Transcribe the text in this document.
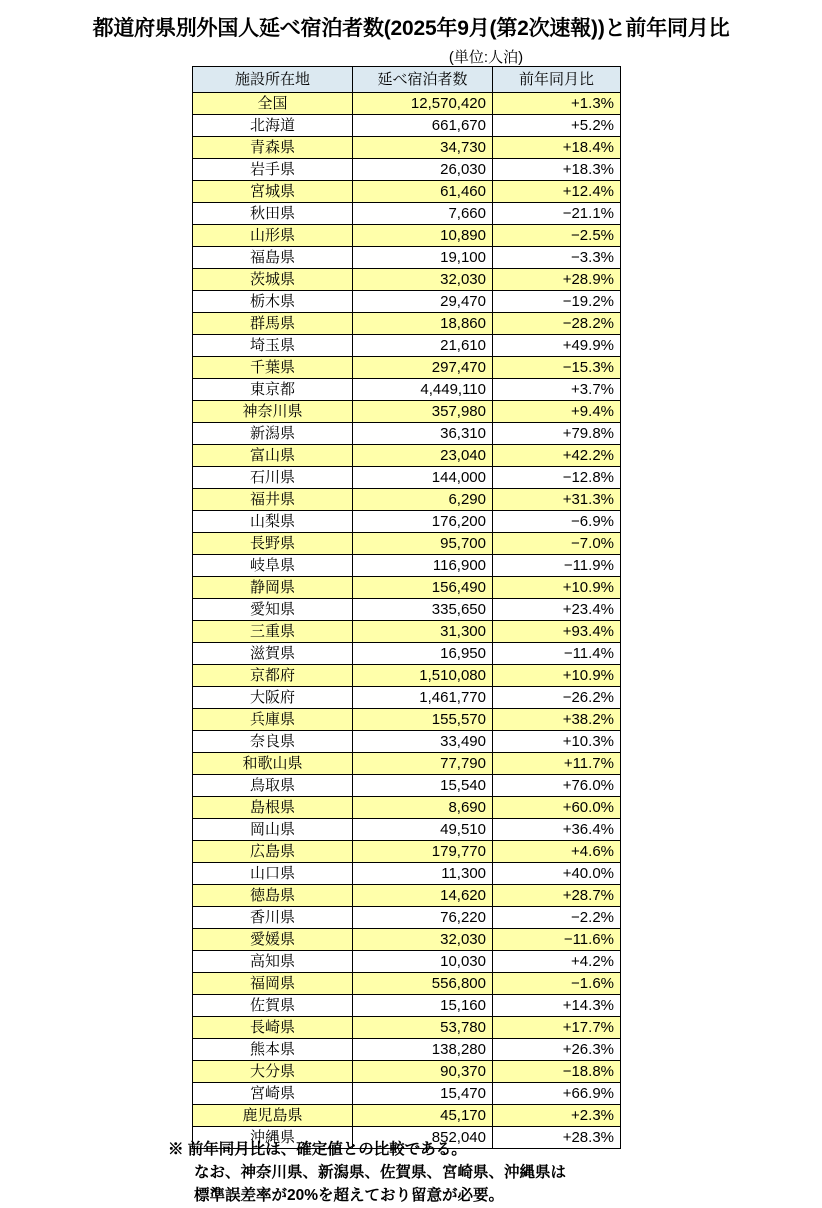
都道府県別外国人延べ宿泊者数(2025年9月(第2次速報))と前年同月比
(単位:人泊)
施設所在地	延べ宿泊者数	前年同月比
全国	12,570,420	+1.3%
北海道	661,670	+5.2%
青森県	34,730	+18.4%
岩手県	26,030	+18.3%
宮城県	61,460	+12.4%
秋田県	7,660	−21.1%
山形県	10,890	−2.5%
福島県	19,100	−3.3%
茨城県	32,030	+28.9%
栃木県	29,470	−19.2%
群馬県	18,860	−28.2%
埼玉県	21,610	+49.9%
千葉県	297,470	−15.3%
東京都	4,449,110	+3.7%
神奈川県	357,980	+9.4%
新潟県	36,310	+79.8%
富山県	23,040	+42.2%
石川県	144,000	−12.8%
福井県	6,290	+31.3%
山梨県	176,200	−6.9%
長野県	95,700	−7.0%
岐阜県	116,900	−11.9%
静岡県	156,490	+10.9%
愛知県	335,650	+23.4%
三重県	31,300	+93.4%
滋賀県	16,950	−11.4%
京都府	1,510,080	+10.9%
大阪府	1,461,770	−26.2%
兵庫県	155,570	+38.2%
奈良県	33,490	+10.3%
和歌山県	77,790	+11.7%
鳥取県	15,540	+76.0%
島根県	8,690	+60.0%
岡山県	49,510	+36.4%
広島県	179,770	+4.6%
山口県	11,300	+40.0%
徳島県	14,620	+28.7%
香川県	76,220	−2.2%
愛媛県	32,030	−11.6%
高知県	10,030	+4.2%
福岡県	556,800	−1.6%
佐賀県	15,160	+14.3%
長崎県	53,780	+17.7%
熊本県	138,280	+26.3%
大分県	90,370	−18.8%
宮崎県	15,470	+66.9%
鹿児島県	45,170	+2.3%
沖縄県	852,040	+28.3%
※ 前年同月比は、確定値との比較である。
なお、神奈川県、新潟県、佐賀県、宮崎県、沖縄県は
標準誤差率が20%を超えており留意が必要。
